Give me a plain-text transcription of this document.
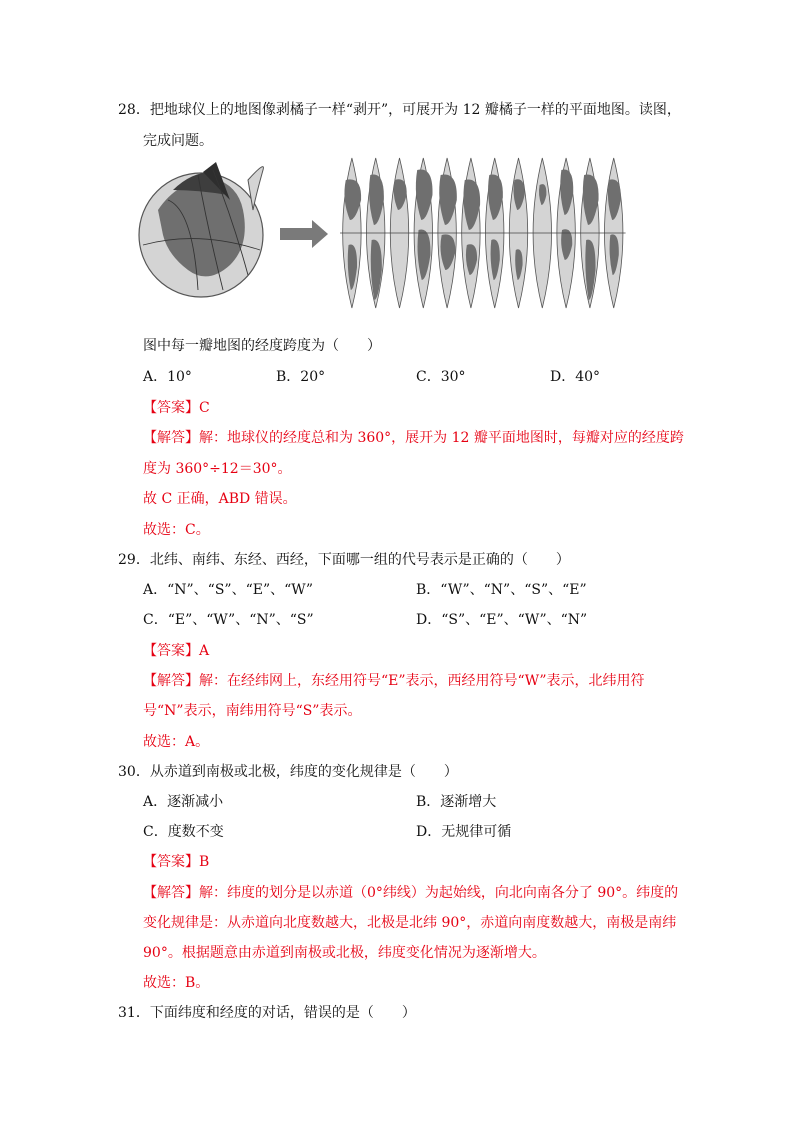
28．把地球仪上的地图像剥橘子一样“剥开”，可展开为 12 瓣橘子一样的平面地图。读图，
完成问题。
图中每一瓣地图的经度跨度为（　　）
A．10°	B．20°	C．30°	D．40°
【答案】C
【解答】解：地球仪的经度总和为 360°，展开为 12 瓣平面地图时，每瓣对应的经度跨
度为 360°÷12＝30°。
故 C 正确，ABD 错误。
故选：C。
29．北纬、南纬、东经、西经，下面哪一组的代号表示是正确的（　　）
A．“N”、“S”、“E”、“W”	B．“W”、“N”、“S”、“E”
C．“E”、“W”、“N”、“S”	D．“S”、“E”、“W”、“N”
【答案】A
【解答】解：在经纬网上，东经用符号“E”表示，西经用符号“W”表示，北纬用符
号“N”表示，南纬用符号“S”表示。
故选：A。
30．从赤道到南极或北极，纬度的变化规律是（　　）
A．逐渐减小	B．逐渐增大
C．度数不变	D．无规律可循
【答案】B
【解答】解：纬度的划分是以赤道（0°纬线）为起始线，向北向南各分了 90°。纬度的
变化规律是：从赤道向北度数越大，北极是北纬 90°，赤道向南度数越大，南极是南纬
90°。根据题意由赤道到南极或北极，纬度变化情况为逐渐增大。
故选：B。
31．下面纬度和经度的对话，错误的是（　　）
